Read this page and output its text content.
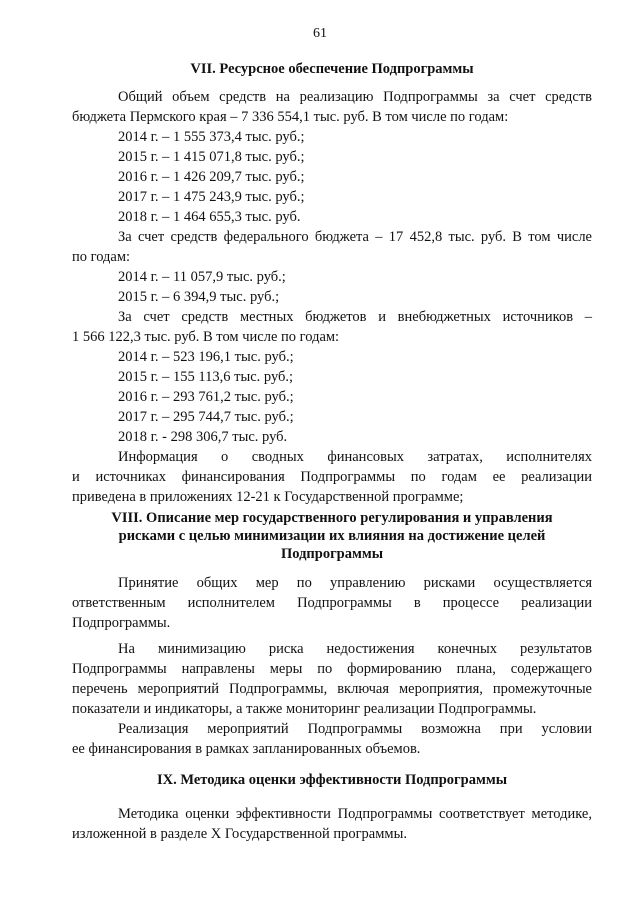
61

VII. Ресурсное обеспечение Подпрограммы

Общий объем средств на реализацию Подпрограммы за счет средств

бюджета Пермского края – 7 336 554,1 тыс. руб. В том числе по годам:

2014 г. – 1 555 373,4 тыс. руб.;

2015 г. – 1 415 071,8 тыс. руб.;

2016 г. – 1 426 209,7 тыс. руб.;

2017 г. – 1 475 243,9 тыс. руб.;

2018 г. – 1 464 655,3 тыс. руб.

За счет средств федерального бюджета – 17 452,8 тыс. руб. В том числе

по годам:

2014 г. – 11 057,9 тыс. руб.;

2015 г. – 6 394,9 тыс. руб.;

За счет средств местных бюджетов и внебюджетных источников –

1 566 122,3 тыс. руб. В том числе по годам:

2014 г. – 523 196,1 тыс. руб.;

2015 г. – 155 113,6 тыс. руб.;

2016 г. – 293 761,2 тыс. руб.;

2017 г. – 295 744,7 тыс. руб.;

2018 г. - 298 306,7 тыс. руб.

Информация о сводных финансовых затратах, исполнителях

и источниках финансирования Подпрограммы по годам ее реализации

приведена в приложениях 12-21 к Государственной программе;

VIII. Описание мер государственного регулирования и управления
рисками с целью минимизации их влияния на достижение целей
Подпрограммы

Принятие общих мер по управлению рисками осуществляется

ответственным исполнителем Подпрограммы в процессе реализации

Подпрограммы.

На минимизацию риска недостижения конечных результатов

Подпрограммы направлены меры по формированию плана, содержащего

перечень мероприятий Подпрограммы, включая мероприятия, промежуточные

показатели и индикаторы, а также мониторинг реализации Подпрограммы.

Реализация мероприятий Подпрограммы возможна при условии

ее финансирования в рамках запланированных объемов.

IX. Методика оценки эффективности Подпрограммы

Методика оценки эффективности Подпрограммы соответствует методике,

изложенной в разделе X Государственной программы.
